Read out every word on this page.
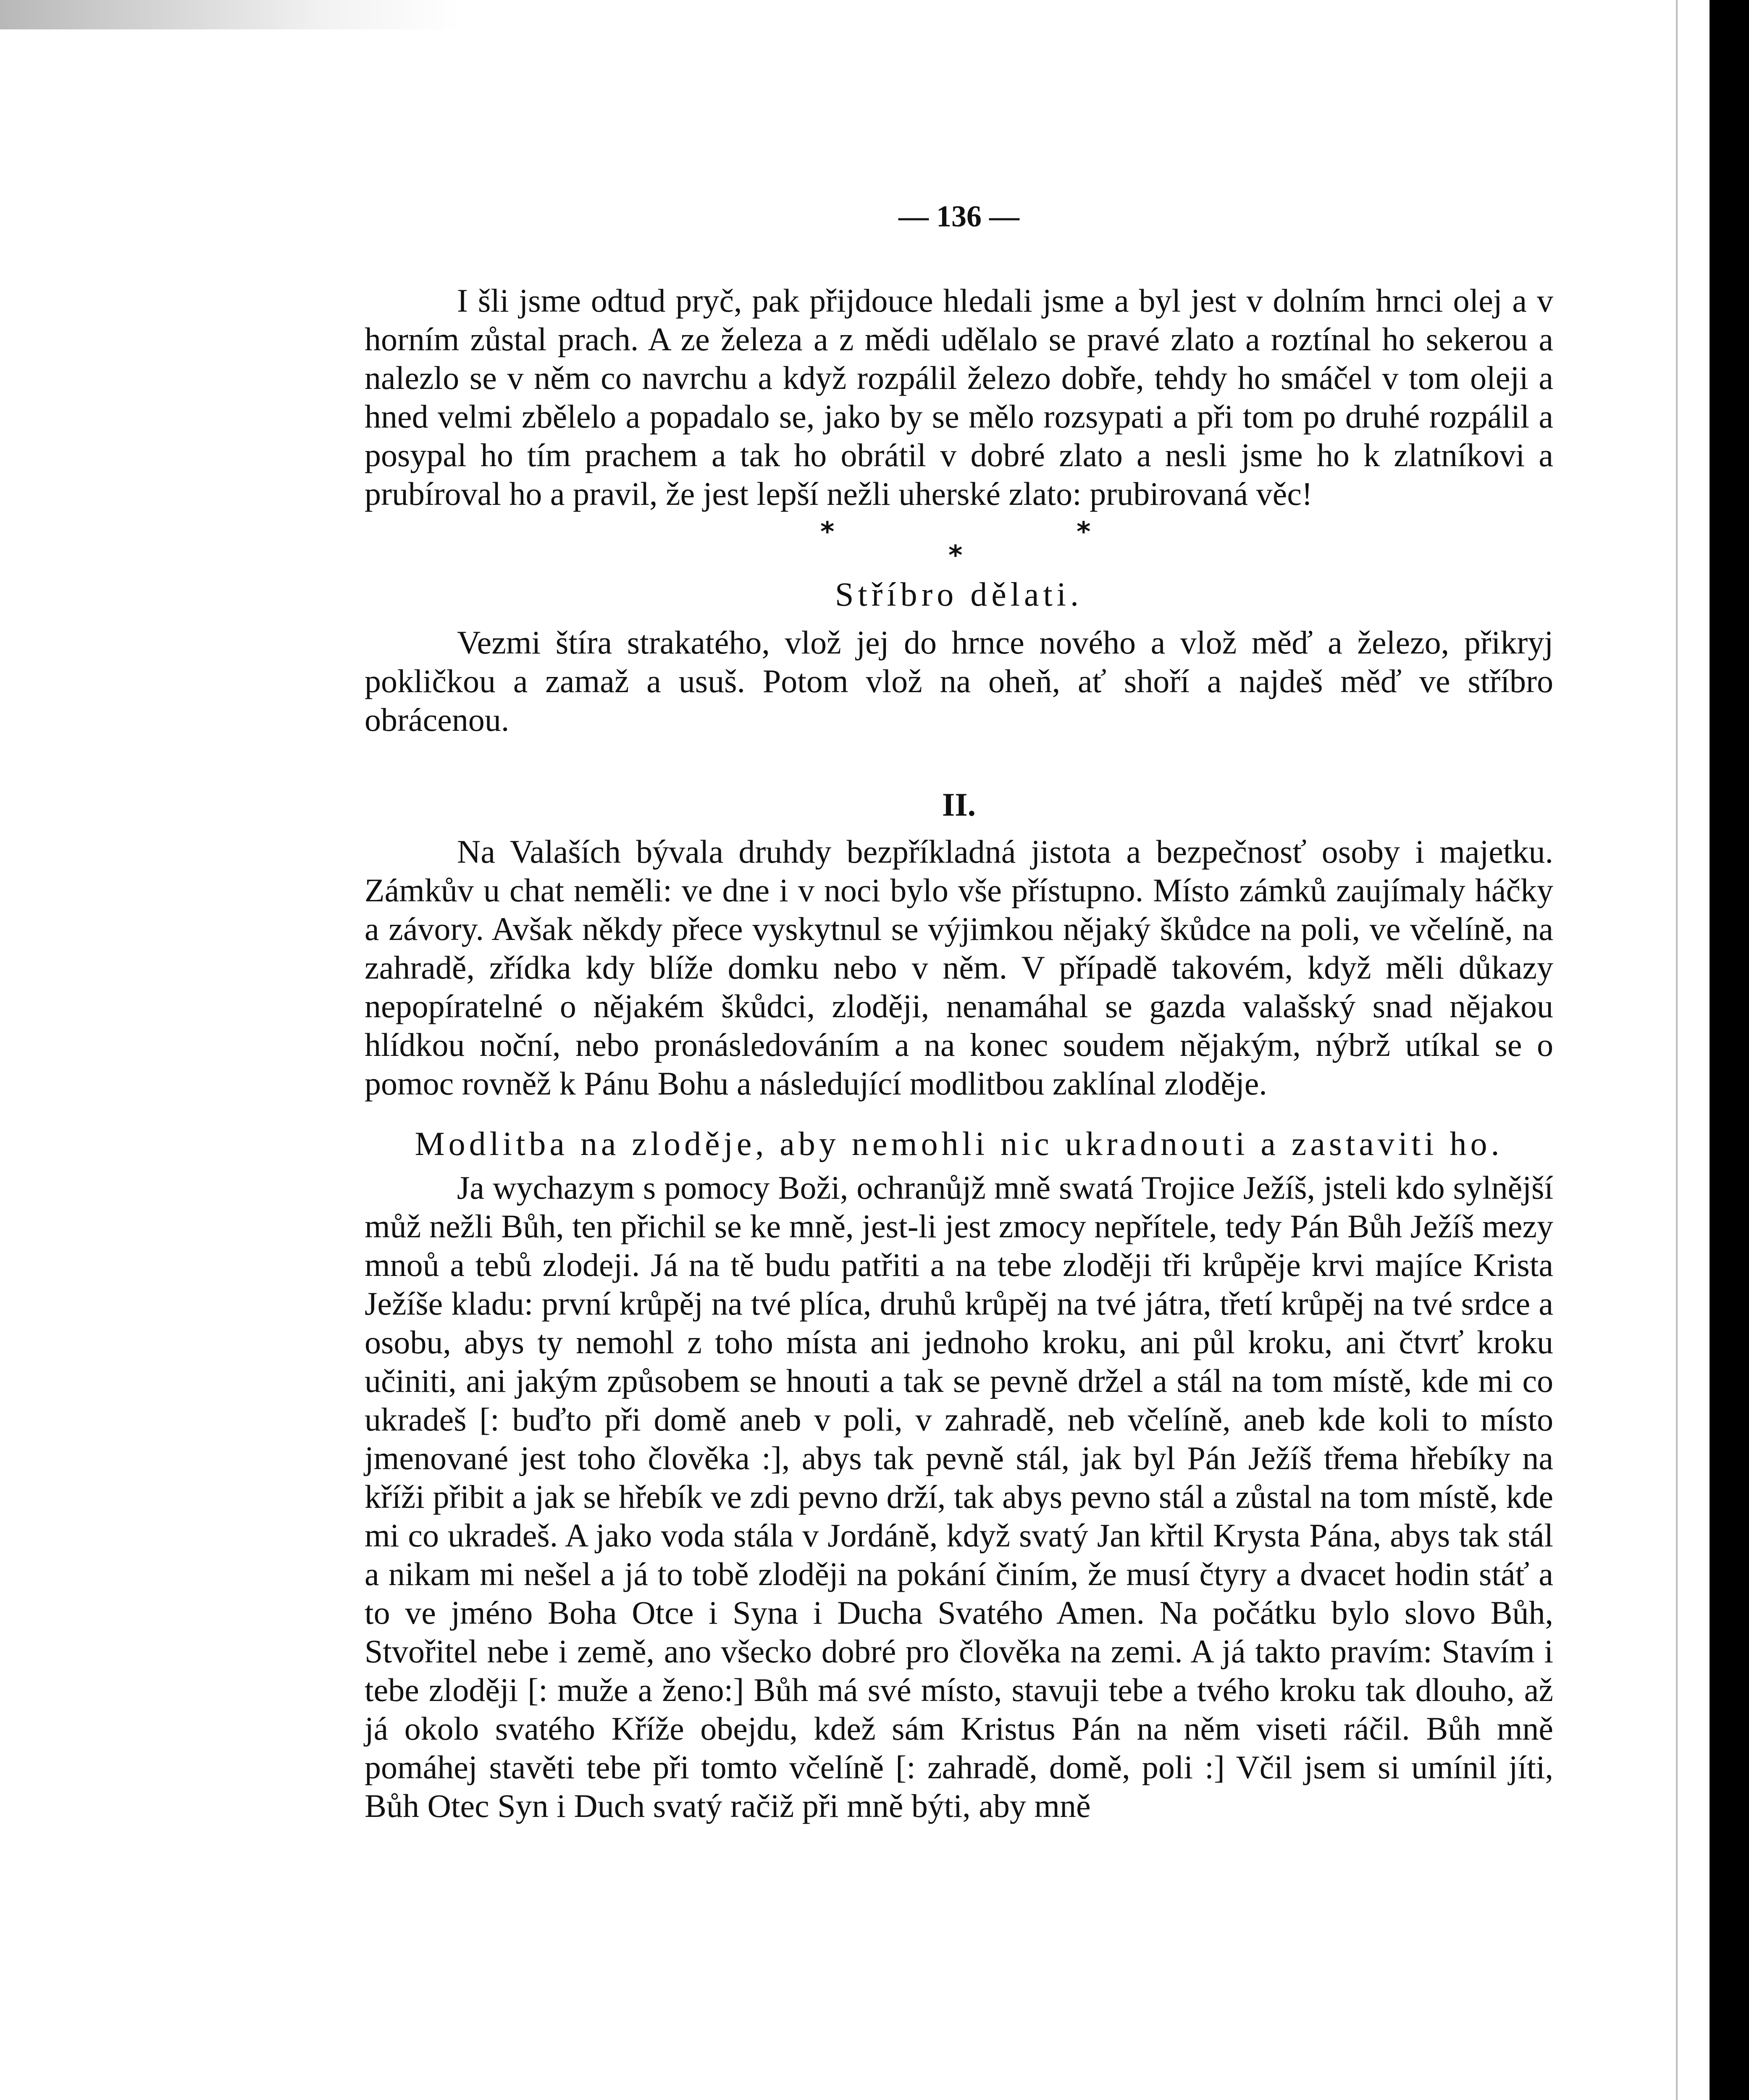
— 136 —

I šli jsme odtud pryč, pak přijdouce hledali jsme a byl jest v dolním hrnci olej a v horním zůstal prach. A ze železa a z mědi udělalo se pravé zlato a roztínal ho sekerou a nalezlo se v něm co navrchu a když rozpálil železo dobře, tehdy ho smáčel v tom oleji a hned velmi zbělelo a popadalo se, jako by se mělo rozsypati a při tom po druhé rozpálil a posypal ho tím prachem a tak ho obrátil v dobré zlato a nesli jsme ho k zlatníkovi a prubíroval ho a pravil, že jest lepší nežli uherské zlato: prubirovaná věc!

*
*
*
Stříbro dělati.

Vezmi štíra strakatého, vlož jej do hrnce nového a vlož měď a železo, přikryj pokličkou a zamaž a usuš. Potom vlož na oheň, ať shoří a najdeš měď ve stříbro obrácenou.

II.

Na Valaších bývala druhdy bezpříkladná jistota a bezpečnosť osoby i majetku. Zámkův u chat neměli: ve dne i v noci bylo vše přístupno. Místo zámků zaujímaly háčky a závory. Avšak někdy přece vyskytnul se výjimkou nějaký škůdce na poli, ve včelíně, na zahradě, zřídka kdy blíže domku nebo v něm. V případě takovém, když měli důkazy nepopíratelné o nějakém škůdci, zloději, nenamáhal se gazda valašský snad nějakou hlídkou noční, nebo pronásledováním a na konec soudem nějakým, nýbrž utíkal se o pomoc rovněž k Pánu Bohu a následující modlitbou zaklínal zloděje.

Modlitba na zloděje, aby nemohli nic ukradnouti a zastaviti ho.

Ja wychazym s pomocy Boži, ochranůjž mně swatá Trojice Ježíš, jsteli kdo sylnější můž nežli Bůh, ten přichil se ke mně, jest-li jest zmocy nepřítele, tedy Pán Bůh Ježíš mezy mnoů a tebů zlodeji. Já na tě budu patřiti a na tebe zloději tři krůpěje krvi majíce Krista Ježíše kladu: první krůpěj na tvé plíca, druhů krůpěj na tvé játra, třetí krůpěj na tvé srdce a osobu, abys ty nemohl z toho místa ani jednoho kroku, ani půl kroku, ani čtvrť kroku učiniti, ani jakým způsobem se hnouti a tak se pevně držel a stál na tom místě, kde mi co ukradeš [: buďto při domě aneb v poli, v zahradě, neb včelíně, aneb kde koli to místo jmenované jest toho člověka :], abys tak pevně stál, jak byl Pán Ježíš třema hřebíky na kříži přibit a jak se hřebík ve zdi pevno drží, tak abys pevno stál a zůstal na tom místě, kde mi co ukradeš. A jako voda stála v Jordáně, když svatý Jan křtil Krysta Pána, abys tak stál a nikam mi nešel a já to tobě zloději na pokání činím, že musí čtyry a dvacet hodin stáť a to ve jméno Boha Otce i Syna i Ducha Svatého Amen. Na počátku bylo slovo Bůh, Stvořitel nebe i země, ano všecko dobré pro člověka na zemi. A já takto pravím: Stavím i tebe zloději [: muže a ženo:] Bůh má své místo, stavuji tebe a tvého kroku tak dlouho, až já okolo svatého Kříže obejdu, kdež sám Kristus Pán na něm viseti ráčil. Bůh mně pomáhej stavěti tebe při tomto včelíně [: zahradě, domě, poli :] Včil jsem si umínil jíti, Bůh Otec Syn i Duch svatý račiž při mně býti, aby mně
